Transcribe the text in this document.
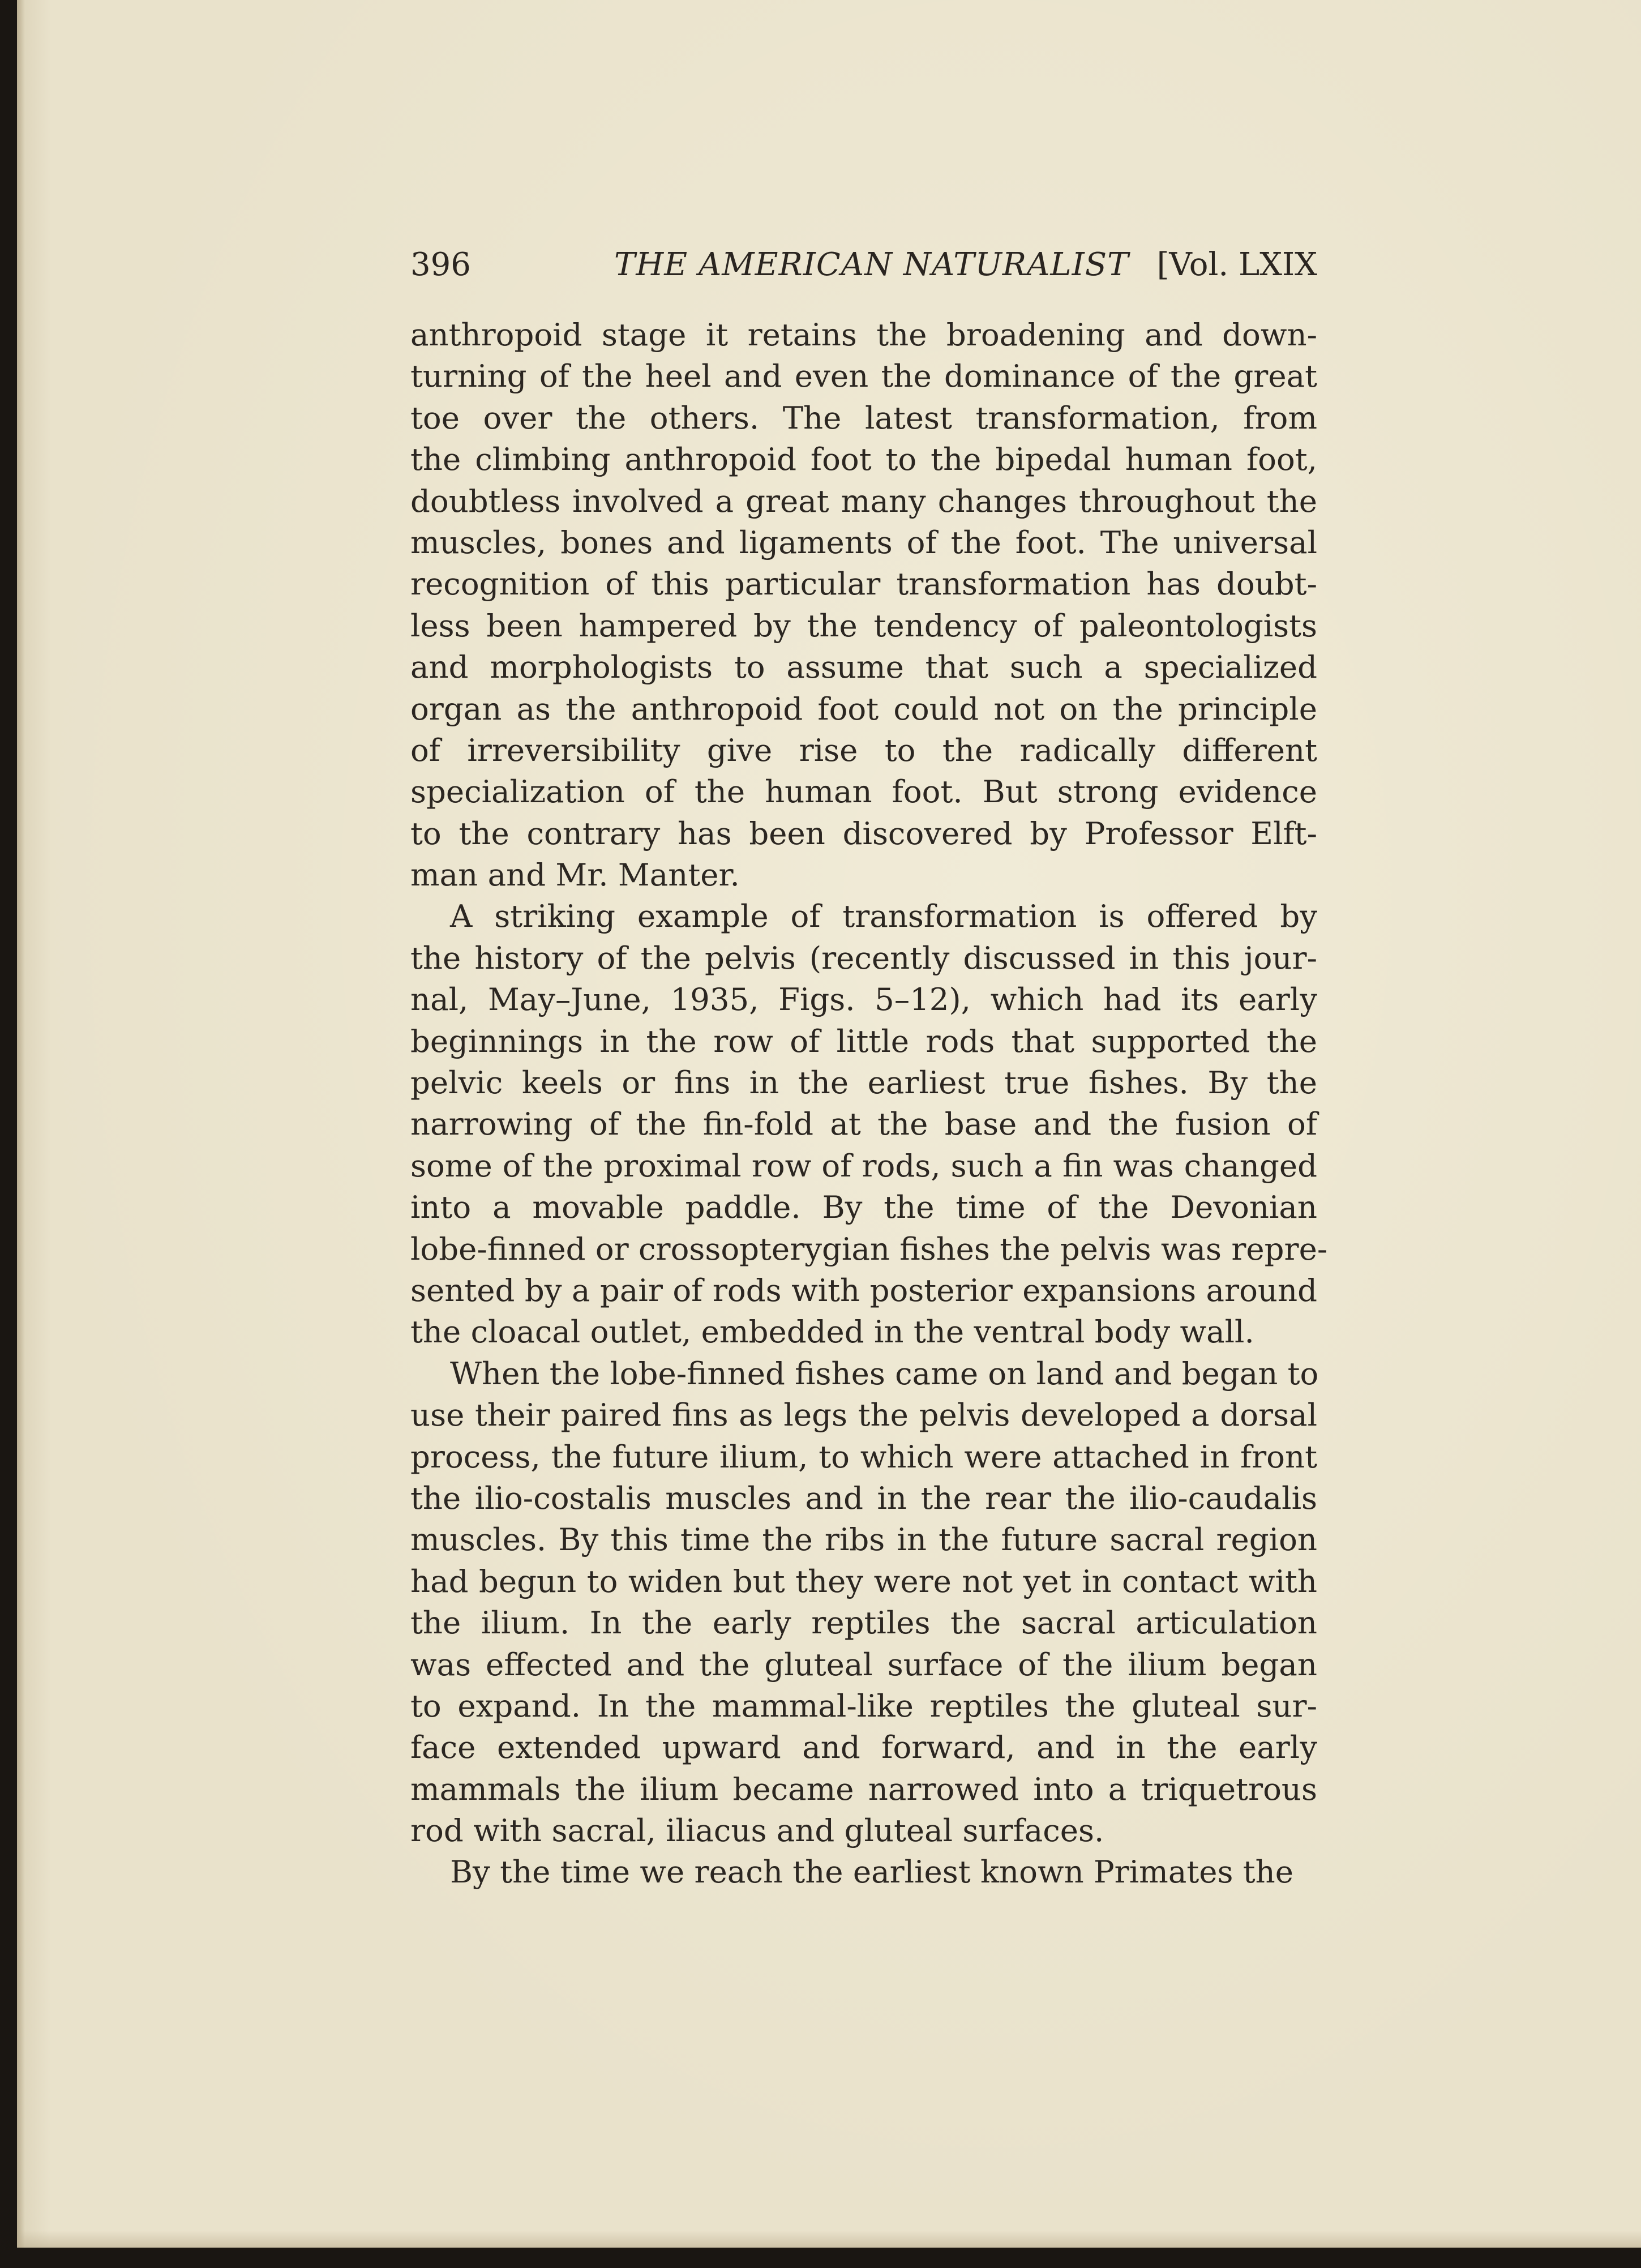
396	THE AMERICAN NATURALIST [Vol. LXIX
anthropoid stage it retains the broadening and down-
turning of the heel and even the dominance of the great
toe over the others. The latest transformation, from
the climbing anthropoid foot to the bipedal human foot,
doubtless involved a great many changes throughout the
muscles, bones and ligaments of the foot. The universal
recognition of this particular transformation has doubt-
less been hampered by the tendency of paleontologists
and morphologists to assume that such a specialized
organ as the anthropoid foot could not on the principle
of irreversibility give rise to the radically different
specialization of the human foot. But strong evidence
to the contrary has been discovered by Professor Elft-
man and Mr. Manter.
A striking example of transformation is offered by
the history of the pelvis (recently discussed in this jour-
nal, May–June, 1935, Figs. 5–12), which had its early
beginnings in the row of little rods that supported the
pelvic keels or fins in the earliest true fishes. By the
narrowing of the fin-fold at the base and the fusion of
some of the proximal row of rods, such a fin was changed
into a movable paddle. By the time of the Devonian
lobe-finned or crossopterygian fishes the pelvis was repre-
sented by a pair of rods with posterior expansions around
the cloacal outlet, embedded in the ventral body wall.
When the lobe-finned fishes came on land and began to
use their paired fins as legs the pelvis developed a dorsal
process, the future ilium, to which were attached in front
the ilio-costalis muscles and in the rear the ilio-caudalis
muscles. By this time the ribs in the future sacral region
had begun to widen but they were not yet in contact with
the ilium. In the early reptiles the sacral articulation
was effected and the gluteal surface of the ilium began
to expand. In the mammal-like reptiles the gluteal sur-
face extended upward and forward, and in the early
mammals the ilium became narrowed into a triquetrous
rod with sacral, iliacus and gluteal surfaces.
By the time we reach the earliest known Primates the
